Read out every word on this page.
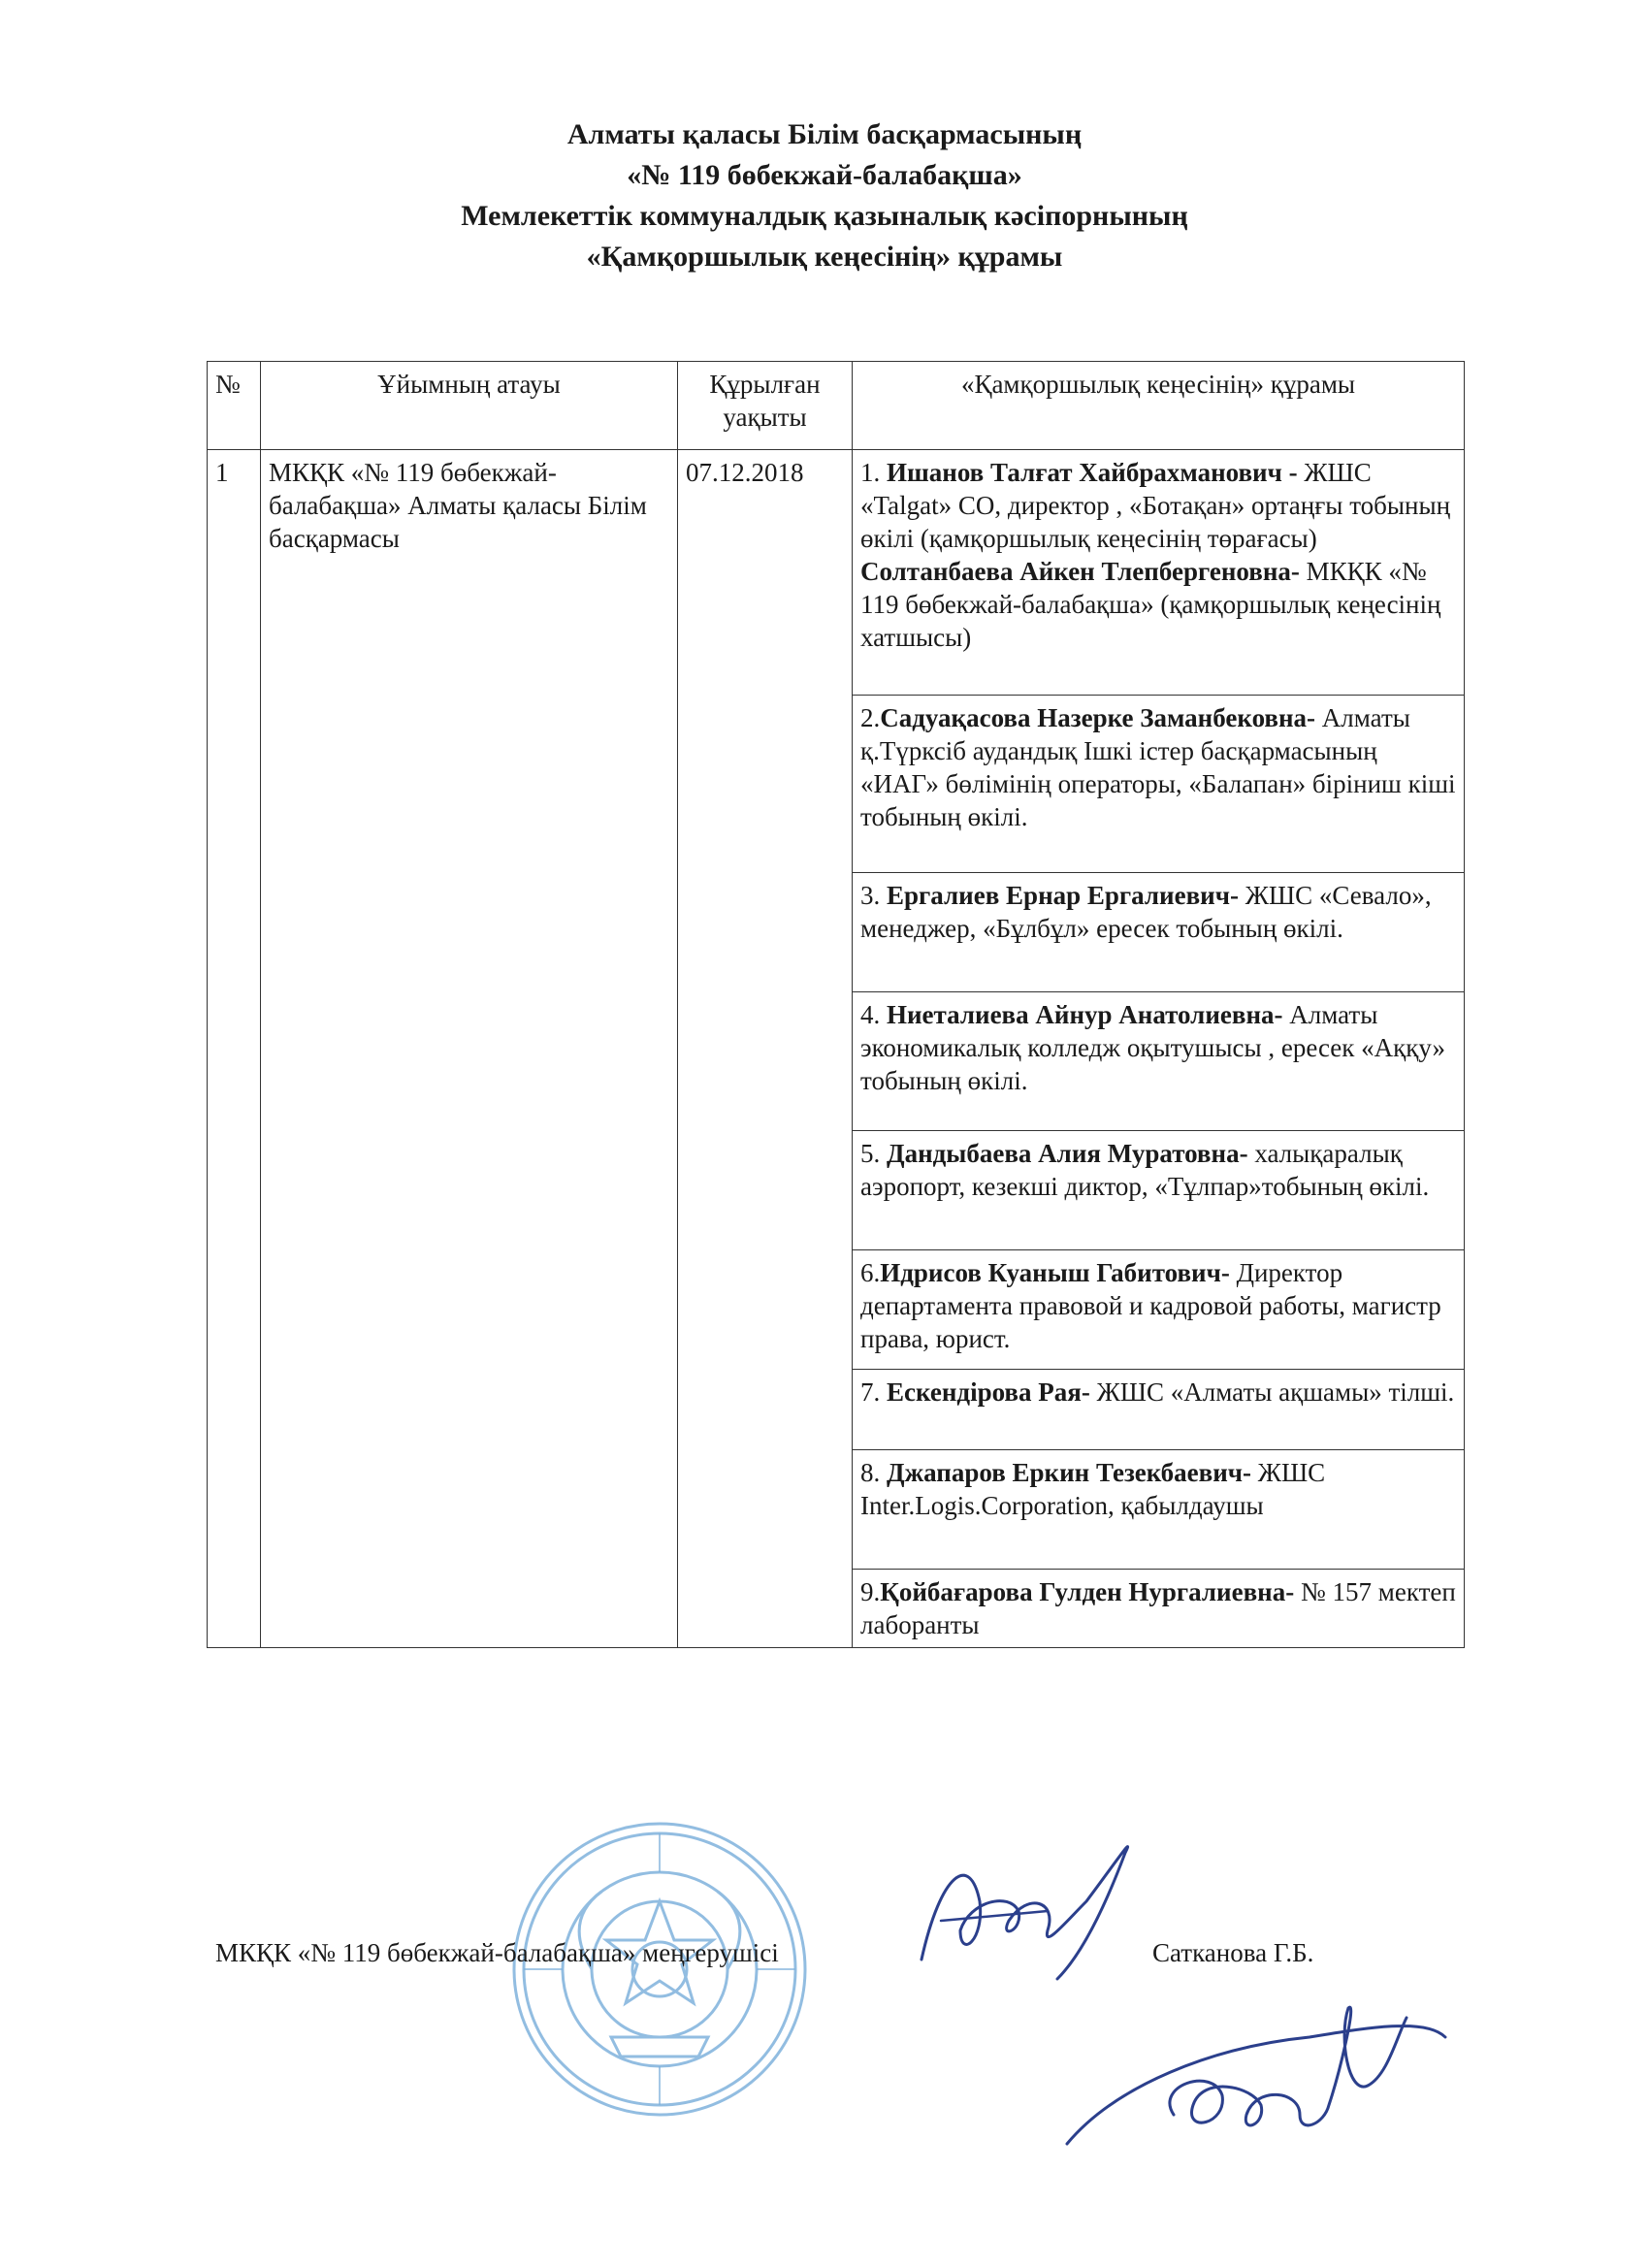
Алматы қаласы Білім басқармасының
«№ 119 бөбекжай-балабақша»
Мемлекеттік коммуналдық қазыналық кәсіпорнының
«Қамқоршылық кеңесінің» құрамы
№	Ұйымның атауы	Құрылған уақыты	«Қамқоршылық кеңесінің» құрамы
1	МКҚК «№ 119 бөбекжай-балабақша» Алматы қаласы Білім басқармасы	07.12.2018	1. Ишанов Талғат Хайбрахманович - ЖШС «Talgat» СО, директор , «Ботақан» ортаңғы тобының өкілі (қамқоршылық кеңесінің төрағасы)
Солтанбаева Айкен Тлепбергеновна- МКҚК «№ 119 бөбекжай-балабақша» (қамқоршылық кеңесінің хатшысы)
			2.Садуақасова Назерке Заманбековна- Алматы қ.Түрксіб аудандық Ішкі істер басқармасының «ИАГ» бөлімінің операторы, «Балапан» біріниш кіші тобының өкілі.
			3. Ергалиев Ернар Ергалиевич- ЖШС «Севало», менеджер, «Бұлбұл» ересек тобының өкілі.
			4. Ниеталиева Айнур Анатолиевна- Алматы экономикалық колледж оқытушысы , ересек «Аққу» тобының өкілі.
			5. Дандыбаева Алия Муратовна- халықаралық аэропорт, кезекші диктор, «Тұлпар»тобының өкілі.
			6.Идрисов Куаныш Габитович- Директор департамента правовой и кадровой работы, магистр права, юрист.
			7. Ескендірова Рая- ЖШС «Алматы ақшамы» тілші.
			8. Джапаров Еркин Тезекбаевич- ЖШС Inter.Logis.Corporation, қабылдаушы
			9.Қойбағарова Гулден Нургалиевна- № 157 мектеп лаборанты
МКҚК «№ 119 бөбекжай-балабақша» меңгерушісі	Сатканова Г.Б.
